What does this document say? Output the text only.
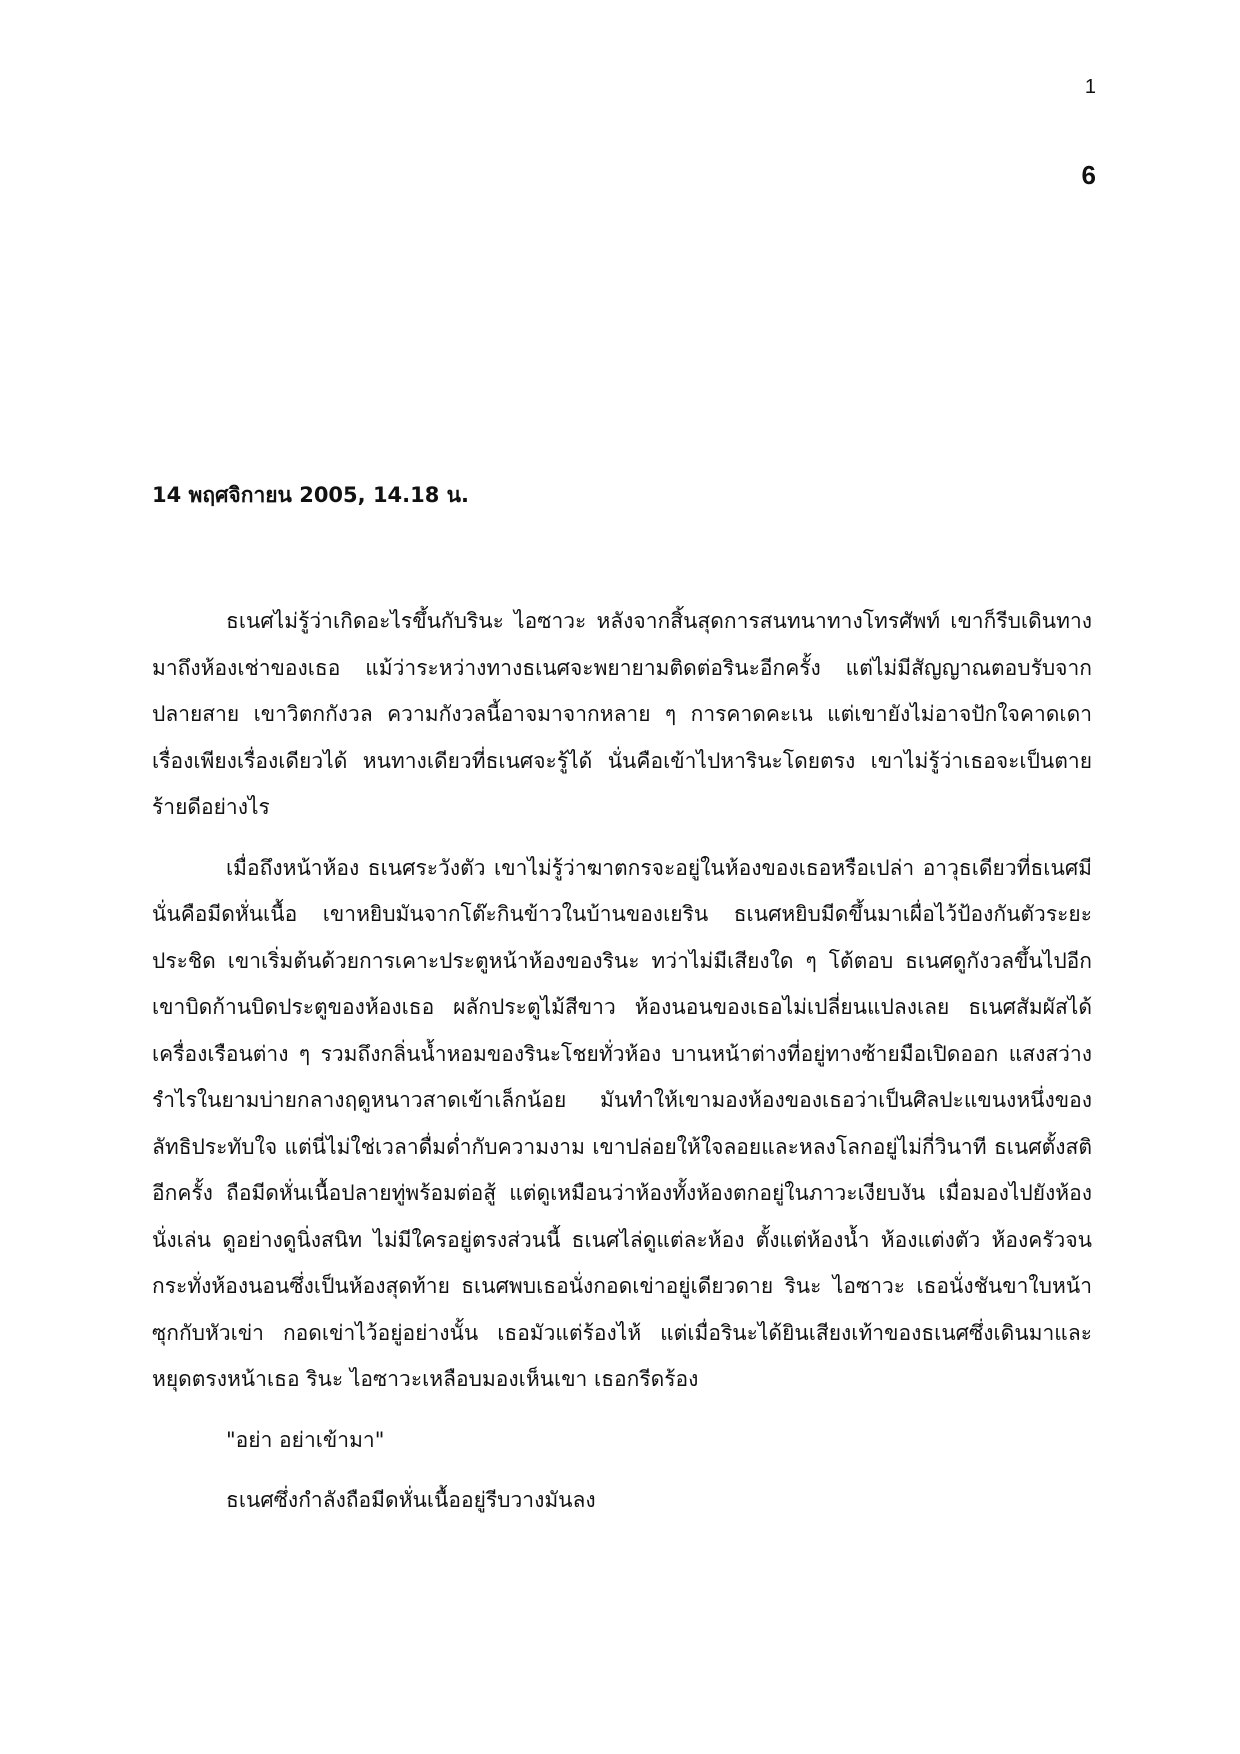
1
6
14 พฤศจิกายน 2005, 14.18 น.

ธเนศไม่รู้ว่าเกิดอะไรขึ้นกับรินะ ไอซาวะ หลังจากสิ้นสุดการสนทนาทางโทรศัพท์ เขาก็รีบเดินทางมาถึงห้องเช่าของเธอ แม้ว่าระหว่างทางธเนศจะพยายามติดต่อรินะอีกครั้ง แต่ไม่มีสัญญาณตอบรับจากปลายสาย เขาวิตกกังวล ความกังวลนี้อาจมาจากหลาย ๆ การคาดคะเน แต่เขายังไม่อาจปักใจคาดเดาเรื่องเพียงเรื่องเดียวได้ หนทางเดียวที่ธเนศจะรู้ได้ นั่นคือเข้าไปหารินะโดยตรง เขาไม่รู้ว่าเธอจะเป็นตายร้ายดีอย่างไร

เมื่อถึงหน้าห้อง ธเนศระวังตัว เขาไม่รู้ว่าฆาตกรจะอยู่ในห้องของเธอหรือเปล่า อาวุธเดียวที่ธเนศมีนั่นคือมีดหั่นเนื้อ เขาหยิบมันจากโต๊ะกินข้าวในบ้านของเยริน ธเนศหยิบมีดขึ้นมาเผื่อไว้ป้องกันตัวระยะประชิด เขาเริ่มต้นด้วยการเคาะประตูหน้าห้องของรินะ ทว่าไม่มีเสียงใด ๆ โต้ตอบ ธเนศดูกังวลขึ้นไปอีก เขาบิดก้านบิดประตูของห้องเธอ ผลักประตูไม้สีขาว ห้องนอนของเธอไม่เปลี่ยนแปลงเลย ธเนศสัมผัสได้เครื่องเรือนต่าง ๆ รวมถึงกลิ่นน้ำหอมของรินะโชยทั่วห้อง บานหน้าต่างที่อยู่ทางซ้ายมือเปิดออก แสงสว่างรำไรในยามบ่ายกลางฤดูหนาวสาดเข้าเล็กน้อย มันทำให้เขามองห้องของเธอว่าเป็นศิลปะแขนงหนึ่งของลัทธิประทับใจ แต่นี่ไม่ใช่เวลาดื่มด่ำกับความงาม เขาปล่อยให้ใจลอยและหลงโลกอยู่ไม่กี่วินาที ธเนศตั้งสติอีกครั้ง ถือมีดหั่นเนื้อปลายทู่พร้อมต่อสู้ แต่ดูเหมือนว่าห้องทั้งห้องตกอยู่ในภาวะเงียบงัน เมื่อมองไปยังห้องนั่งเล่น ดูอย่างดูนิ่งสนิท ไม่มีใครอยู่ตรงส่วนนี้ ธเนศไล่ดูแต่ละห้อง ตั้งแต่ห้องน้ำ ห้องแต่งตัว ห้องครัวจนกระทั่งห้องนอนซึ่งเป็นห้องสุดท้าย ธเนศพบเธอนั่งกอดเข่าอยู่เดียวดาย รินะ ไอซาวะ เธอนั่งชันขาใบหน้าซุกกับหัวเข่า กอดเข่าไว้อยู่อย่างนั้น เธอมัวแต่ร้องไห้ แต่เมื่อรินะได้ยินเสียงเท้าของธเนศซึ่งเดินมาและหยุดตรงหน้าเธอ รินะ ไอซาวะเหลือบมองเห็นเขา เธอกรีดร้อง

"อย่า อย่าเข้ามา"

ธเนศซึ่งกำลังถือมีดหั่นเนื้ออยู่รีบวางมันลง
